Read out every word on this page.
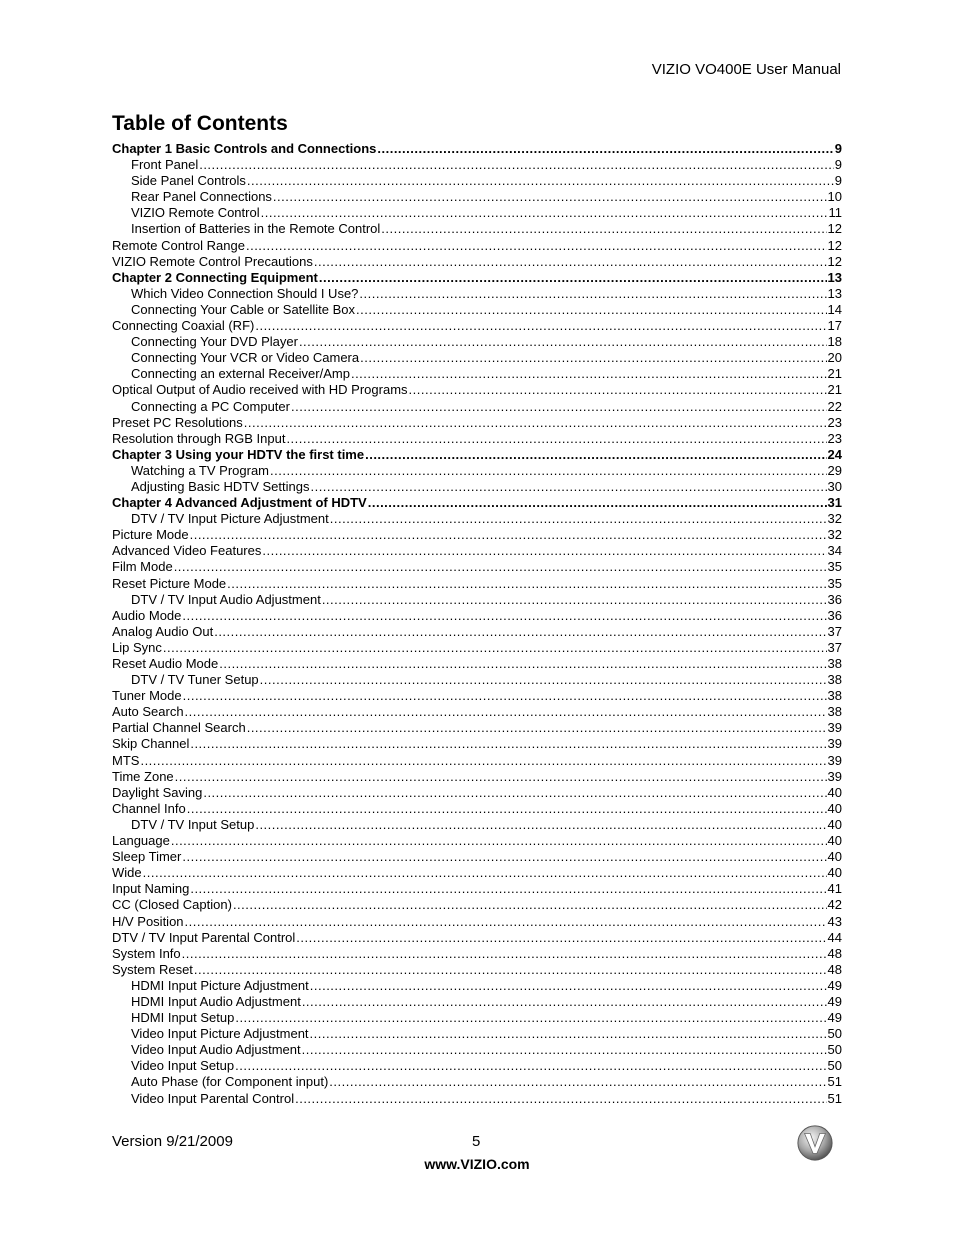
VIZIO VO400E User Manual
Table of Contents
Chapter 1 Basic Controls and Connections .....	9
Front Panel .....	9
Side Panel Controls .....	9
Rear Panel Connections .....	10
VIZIO Remote Control .....	11
Insertion of Batteries in the Remote Control .....	12
Remote Control Range .....	12
VIZIO Remote Control Precautions .....	12
Chapter 2 Connecting Equipment .....	13
Which Video Connection Should I Use? .....	13
Connecting Your Cable or Satellite Box .....	14
Connecting Coaxial (RF) .....	17
Connecting Your DVD Player .....	18
Connecting Your VCR or Video Camera .....	20
Connecting an external Receiver/Amp .....	21
Optical Output of Audio received with HD Programs .....	21
Connecting a PC Computer .....	22
Preset PC Resolutions .....	23
Resolution through RGB Input .....	23
Chapter 3 Using your HDTV the first time .....	24
Watching a TV Program .....	29
Adjusting Basic HDTV Settings .....	30
Chapter 4 Advanced Adjustment of HDTV .....	31
DTV / TV Input Picture Adjustment .....	32
Picture Mode .....	32
Advanced Video Features .....	34
Film Mode .....	35
Reset Picture Mode .....	35
DTV / TV Input Audio Adjustment .....	36
Audio Mode .....	36
Analog Audio Out .....	37
Lip Sync .....	37
Reset Audio Mode .....	38
DTV / TV Tuner Setup .....	38
Tuner Mode .....	38
Auto Search .....	38
Partial Channel Search .....	39
Skip Channel .....	39
MTS .....	39
Time Zone .....	39
Daylight Saving .....	40
Channel Info .....	40
DTV / TV Input Setup .....	40
Language .....	40
Sleep Timer .....	40
Wide .....	40
Input Naming .....	41
CC (Closed Caption) .....	42
H/V Position .....	43
DTV / TV Input Parental Control .....	44
System Info .....	48
System Reset .....	48
HDMI Input Picture Adjustment .....	49
HDMI Input Audio Adjustment .....	49
HDMI Input Setup .....	49
Video Input Picture Adjustment .....	50
Video Input Audio Adjustment .....	50
Video Input Setup .....	50
Auto Phase (for Component input) .....	51
Video Input Parental Control .....	51
Version 9/21/2009	5
www.VIZIO.com
